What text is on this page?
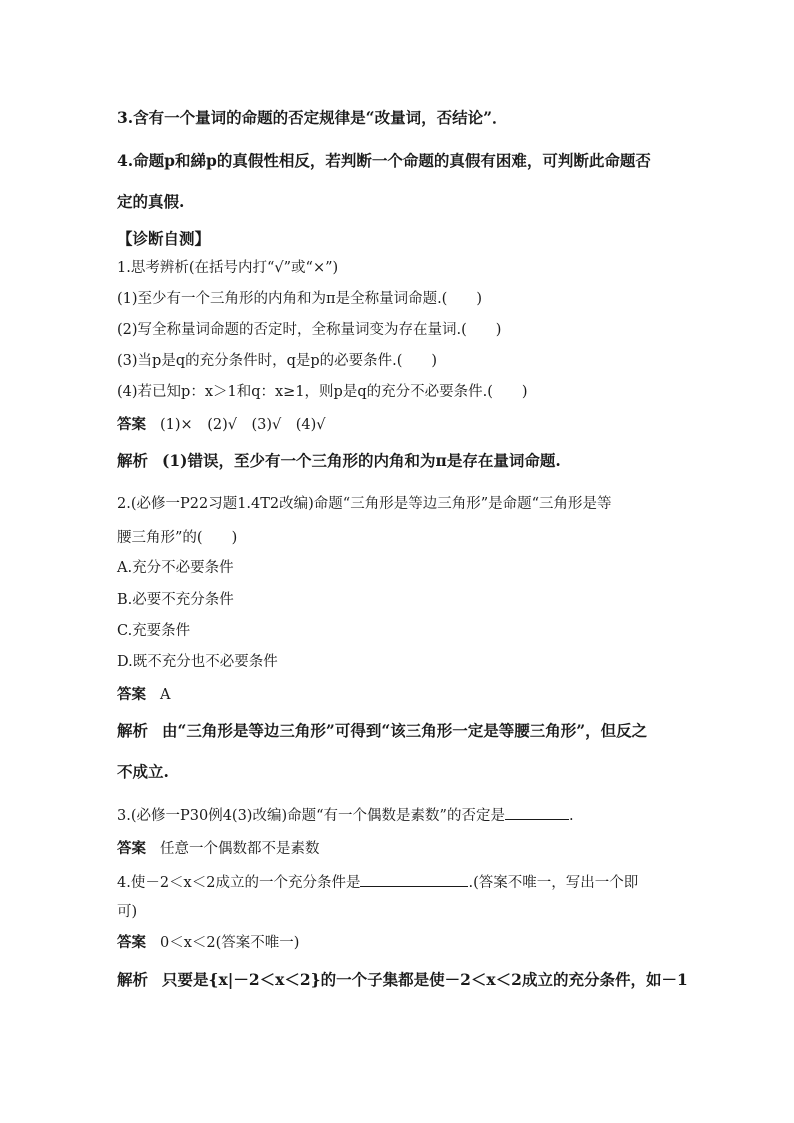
3.含有一个量词的命题的否定规律是“改量词，否结论”．
4.命题p和綈p的真假性相反，若判断一个命题的真假有困难，可判断此命题否
定的真假.
【诊断自测】
1.思考辨析(在括号内打“√”或“×”)
(1)至少有一个三角形的内角和为π是全称量词命题.(　　)
(2)写全称量词命题的否定时，全称量词变为存在量词.(　　)
(3)当p是q的充分条件时，q是p的必要条件.(　　)
(4)若已知p：x＞1和q：x≥1，则p是q的充分不必要条件.(　　)
答案 (1)×　(2)√　(3)√　(4)√
解析 (1)错误，至少有一个三角形的内角和为π是存在量词命题.
2.(必修一P22习题1.4T2改编)命题“三角形是等边三角形”是命题“三角形是等
腰三角形”的(　　)
A.充分不必要条件
B.必要不充分条件
C.充要条件
D.既不充分也不必要条件
答案 A
解析 由“三角形是等边三角形”可得到“该三角形一定是等腰三角形”，但反之
不成立.
3.(必修一P30例4(3)改编)命题“有一个偶数是素数”的否定是	.
答案 任意一个偶数都不是素数
4.使－2＜x＜2成立的一个充分条件是	.(答案不唯一，写出一个即
可)
答案 0＜x＜2(答案不唯一)
解析 只要是{x|－2＜x＜2}的一个子集都是使－2＜x＜2成立的充分条件，如－1
